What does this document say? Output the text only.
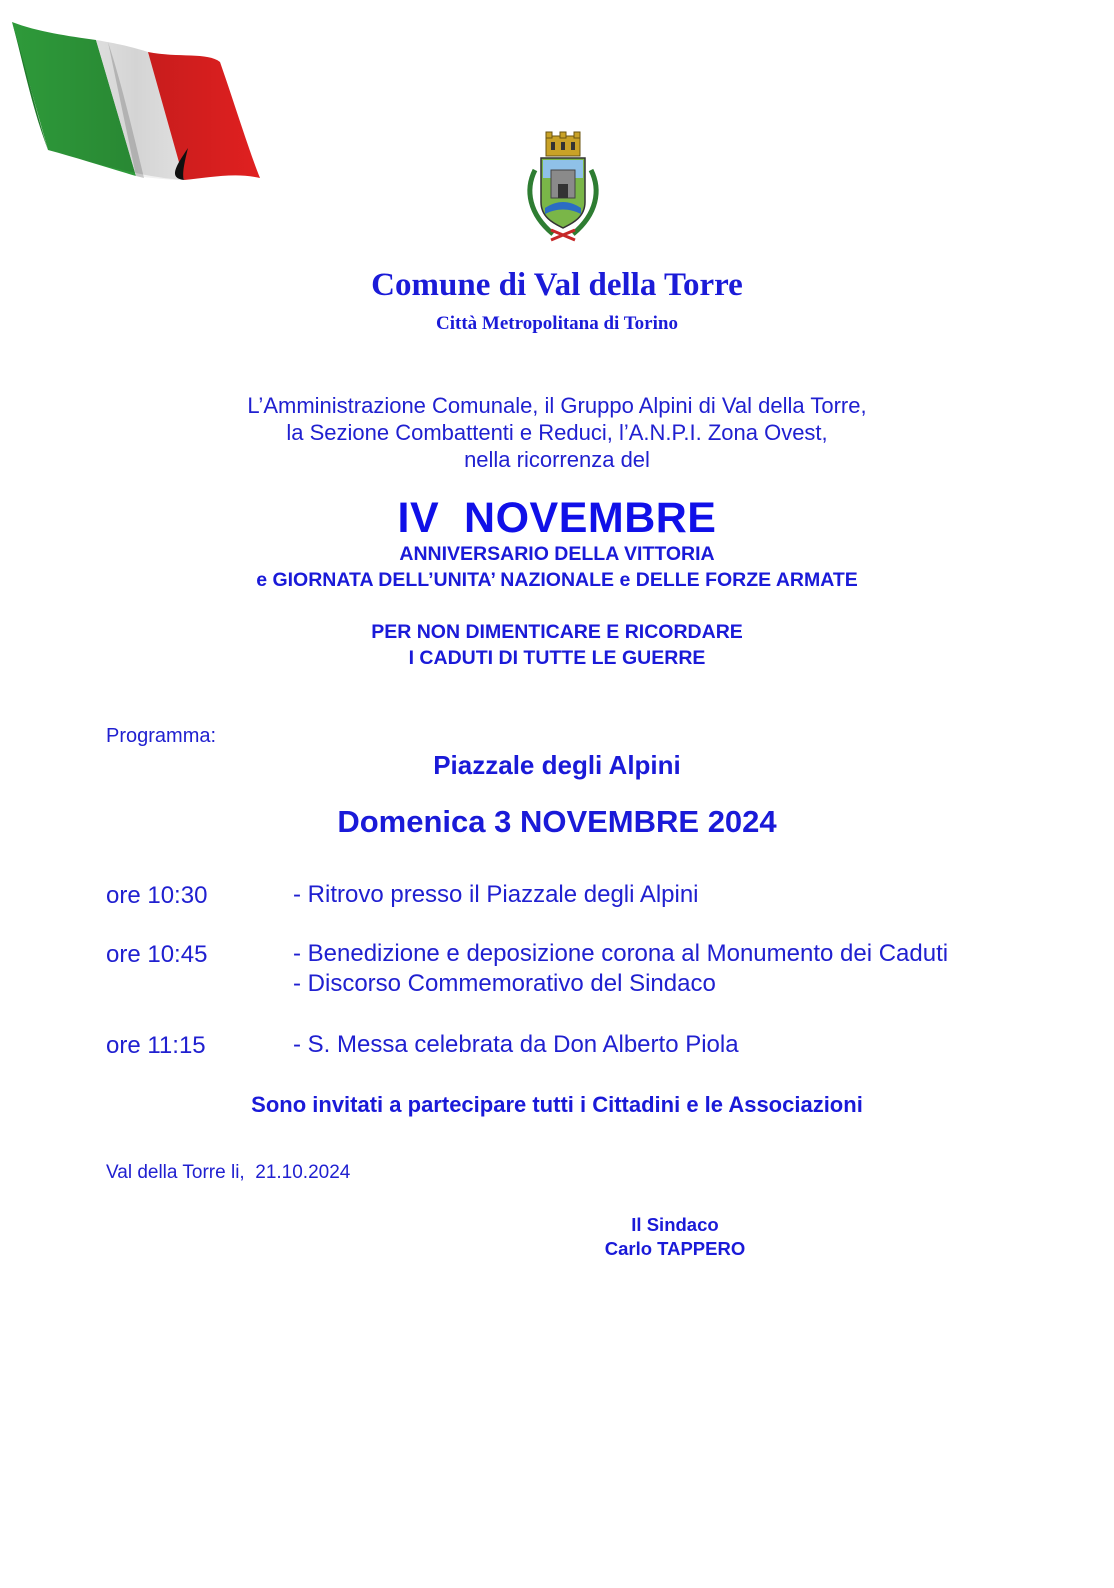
Comune di Val della Torre
Città Metropolitana di Torino
L’Amministrazione Comunale, il Gruppo Alpini di Val della Torre,
la Sezione Combattenti e Reduci, l’A.N.P.I. Zona Ovest,
nella ricorrenza del
IV  NOVEMBRE
ANNIVERSARIO DELLA VITTORIA
e GIORNATA DELL’UNITA’ NAZIONALE e DELLE FORZE ARMATE
PER NON DIMENTICARE E RICORDARE
I CADUTI DI TUTTE LE GUERRE
Programma:
Piazzale degli Alpini
Domenica 3 NOVEMBRE 2024
ore 10:30	- Ritrovo presso il Piazzale degli Alpini
ore 10:45	- Benedizione e deposizione corona al Monumento dei Caduti
- Discorso Commemorativo del Sindaco
ore 11:15	- S. Messa celebrata da Don Alberto Piola
Sono invitati a partecipare tutti i Cittadini e le Associazioni
Val della Torre li,  21.10.2024
Il Sindaco
Carlo TAPPERO
